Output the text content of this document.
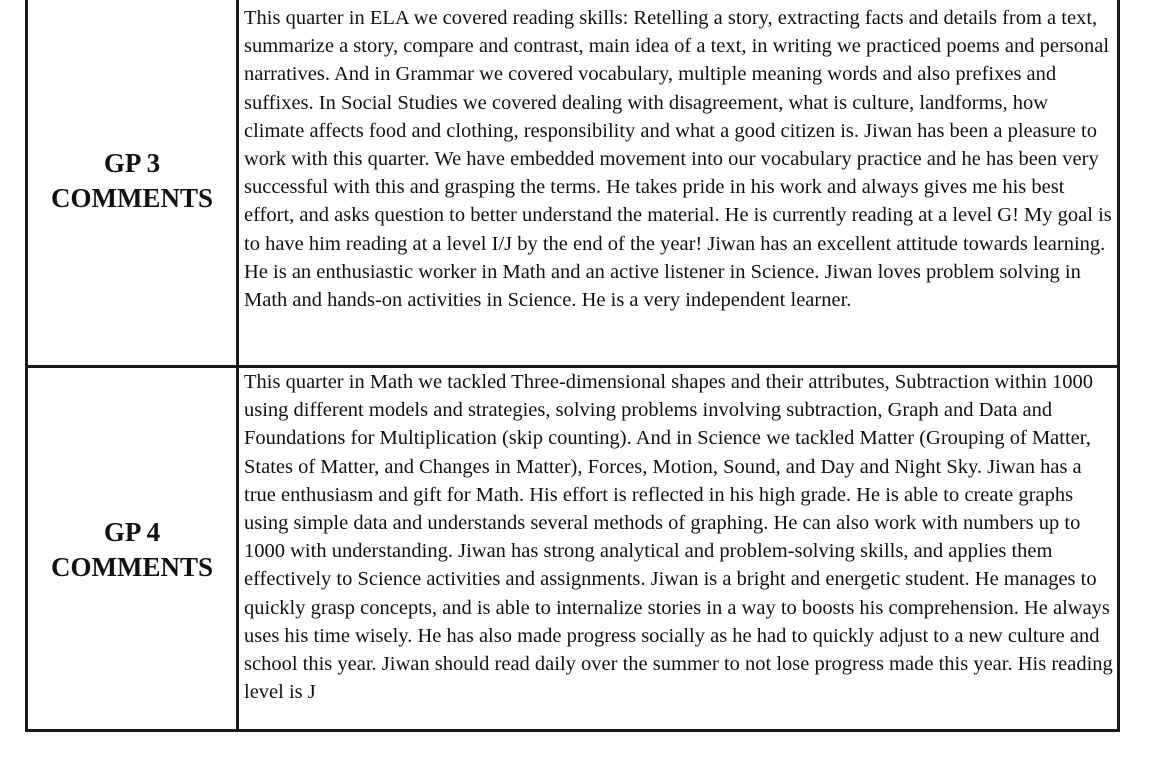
GP 3
COMMENTS

This quarter in ELA we covered reading skills: Retelling a story, extracting facts and details from a text, summarize a story, compare and contrast, main idea of a text, in writing we practiced poems and personal narratives. And in Grammar we covered vocabulary, multiple meaning words and also prefixes and suffixes. In Social Studies we covered dealing with disagreement, what is culture, landforms, how climate affects food and clothing, responsibility and what a good citizen is. Jiwan has been a pleasure to work with this quarter. We have embedded movement into our vocabulary practice and he has been very successful with this and grasping the terms. He takes pride in his work and always gives me his best effort, and asks question to better understand the material. He is currently reading at a level G! My goal is to have him reading at a level I/J by the end of the year! Jiwan has an excellent attitude towards learning. He is an enthusiastic worker in Math and an active listener in Science. Jiwan loves problem solving in Math and hands-on activities in Science. He is a very independent learner.

GP 4
COMMENTS

This quarter in Math we tackled Three-dimensional shapes and their attributes, Subtraction within 1000 using different models and strategies, solving problems involving subtraction, Graph and Data and Foundations for Multiplication (skip counting). And in Science we tackled Matter (Grouping of Matter, States of Matter, and Changes in Matter), Forces, Motion, Sound, and Day and Night Sky. Jiwan has a true enthusiasm and gift for Math. His effort is reflected in his high grade. He is able to create graphs using simple data and understands several methods of graphing. He can also work with numbers up to 1000 with understanding. Jiwan has strong analytical and problem-solving skills, and applies them effectively to Science activities and assignments. Jiwan is a bright and energetic student. He manages to quickly grasp concepts, and is able to internalize stories in a way to boosts his comprehension. He always uses his time wisely. He has also made progress socially as he had to quickly adjust to a new culture and school this year. Jiwan should read daily over the summer to not lose progress made this year. His reading level is J
